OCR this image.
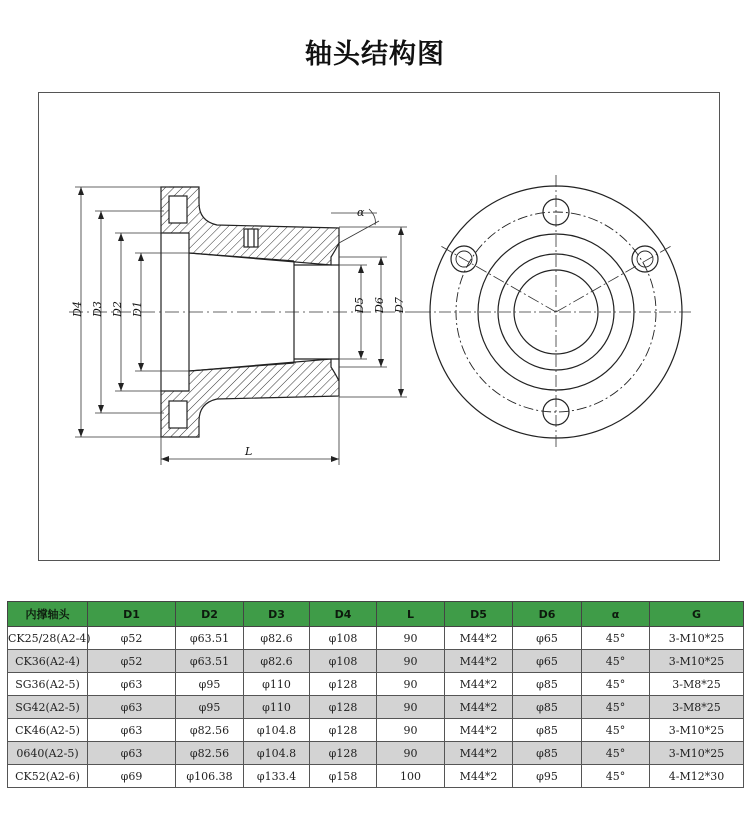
轴头结构图
D4 D3 D2 D1	D5 D6 D7
α
L
内撑轴头	D1	D2	D3	D4	L	D5	D6	α	G
CK25/28(A2-4)	φ52	φ63.51	φ82.6	φ108	90	M44*2	φ65	45°	3-M10*25
CK36(A2-4)	φ52	φ63.51	φ82.6	φ108	90	M44*2	φ65	45°	3-M10*25
SG36(A2-5)	φ63	φ95	φ110	φ128	90	M44*2	φ85	45°	3-M8*25
SG42(A2-5)	φ63	φ95	φ110	φ128	90	M44*2	φ85	45°	3-M8*25
CK46(A2-5)	φ63	φ82.56	φ104.8	φ128	90	M44*2	φ85	45°	3-M10*25
0640(A2-5)	φ63	φ82.56	φ104.8	φ128	90	M44*2	φ85	45°	3-M10*25
CK52(A2-6)	φ69	φ106.38	φ133.4	φ158	100	M44*2	φ95	45°	4-M12*30
